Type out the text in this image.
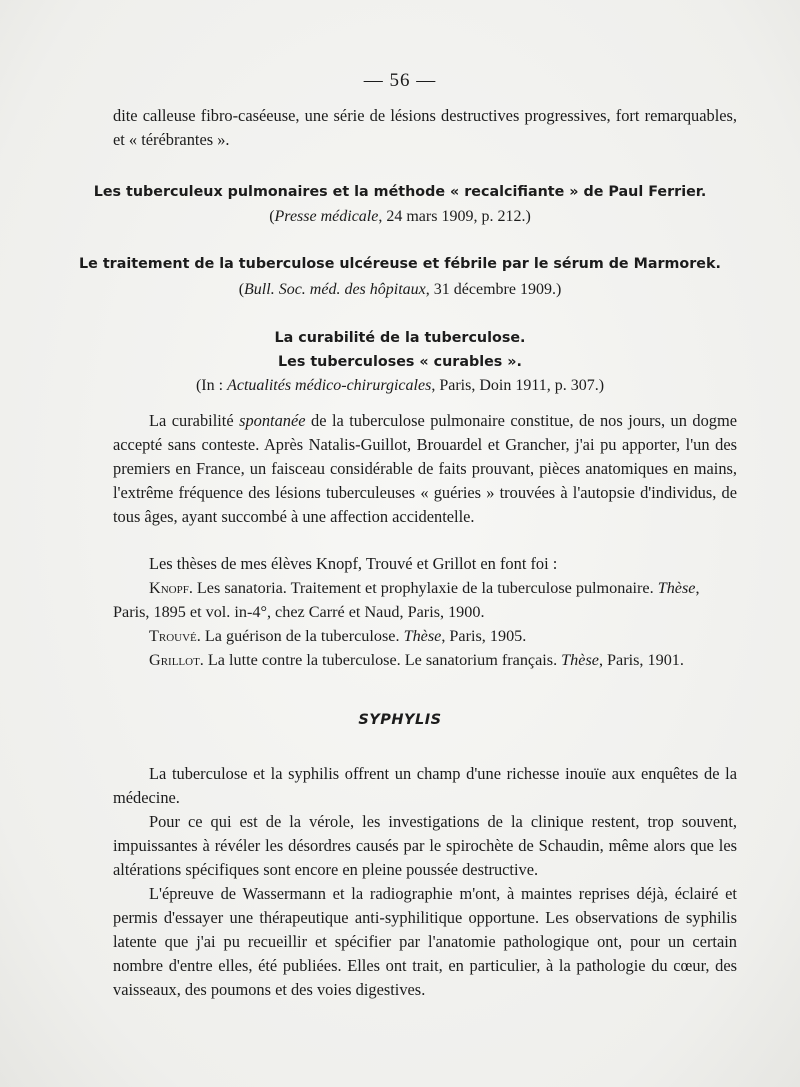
— 56 —

dite calleuse fibro-caséeuse, une série de lésions destructives progressives, fort remarquables, et « térébrantes ».

Les tuberculeux pulmonaires et la méthode « recalcifiante » de Paul Ferrier.
(Presse médicale, 24 mars 1909, p. 212.)
Le traitement de la tuberculose ulcéreuse et fébrile par le sérum de Marmorek.
(Bull. Soc. méd. des hôpitaux, 31 décembre 1909.)
La curabilité de la tuberculose.
Les tuberculoses « curables ».
(In : Actualités médico-chirurgicales, Paris, Doin 1911, p. 307.)

La curabilité spontanée de la tuberculose pulmonaire constitue, de nos jours, un dogme accepté sans conteste. Après Natalis-Guillot, Brouardel et Grancher, j'ai pu apporter, l'un des premiers en France, un faisceau considérable de faits prouvant, pièces anatomiques en mains, l'extrême fréquence des lésions tuberculeuses « guéries » trouvées à l'autopsie d'individus, de tous âges, ayant succombé à une affection accidentelle.

Les thèses de mes élèves Knopf, Trouvé et Grillot en font foi :

Knopf. Les sanatoria. Traitement et prophylaxie de la tuberculose pulmonaire. Thèse, Paris, 1895 et vol. in-4°, chez Carré et Naud, Paris, 1900.
Trouvé. La guérison de la tuberculose. Thèse, Paris, 1905.
Grillot. La lutte contre la tuberculose. Le sanatorium français. Thèse, Paris, 1901.
SYPHYLIS

La tuberculose et la syphilis offrent un champ d'une richesse inouïe aux enquêtes de la médecine.

Pour ce qui est de la vérole, les investigations de la clinique restent, trop souvent, impuissantes à révéler les désordres causés par le spirochète de Schaudin, même alors que les altérations spécifiques sont encore en pleine poussée destructive.

L'épreuve de Wassermann et la radiographie m'ont, à maintes reprises déjà, éclairé et permis d'essayer une thérapeutique anti-syphilitique opportune. Les observations de syphilis latente que j'ai pu recueillir et spécifier par l'anatomie pathologique ont, pour un certain nombre d'entre elles, été publiées. Elles ont trait, en particulier, à la pathologie du cœur, des vaisseaux, des poumons et des voies digestives.
